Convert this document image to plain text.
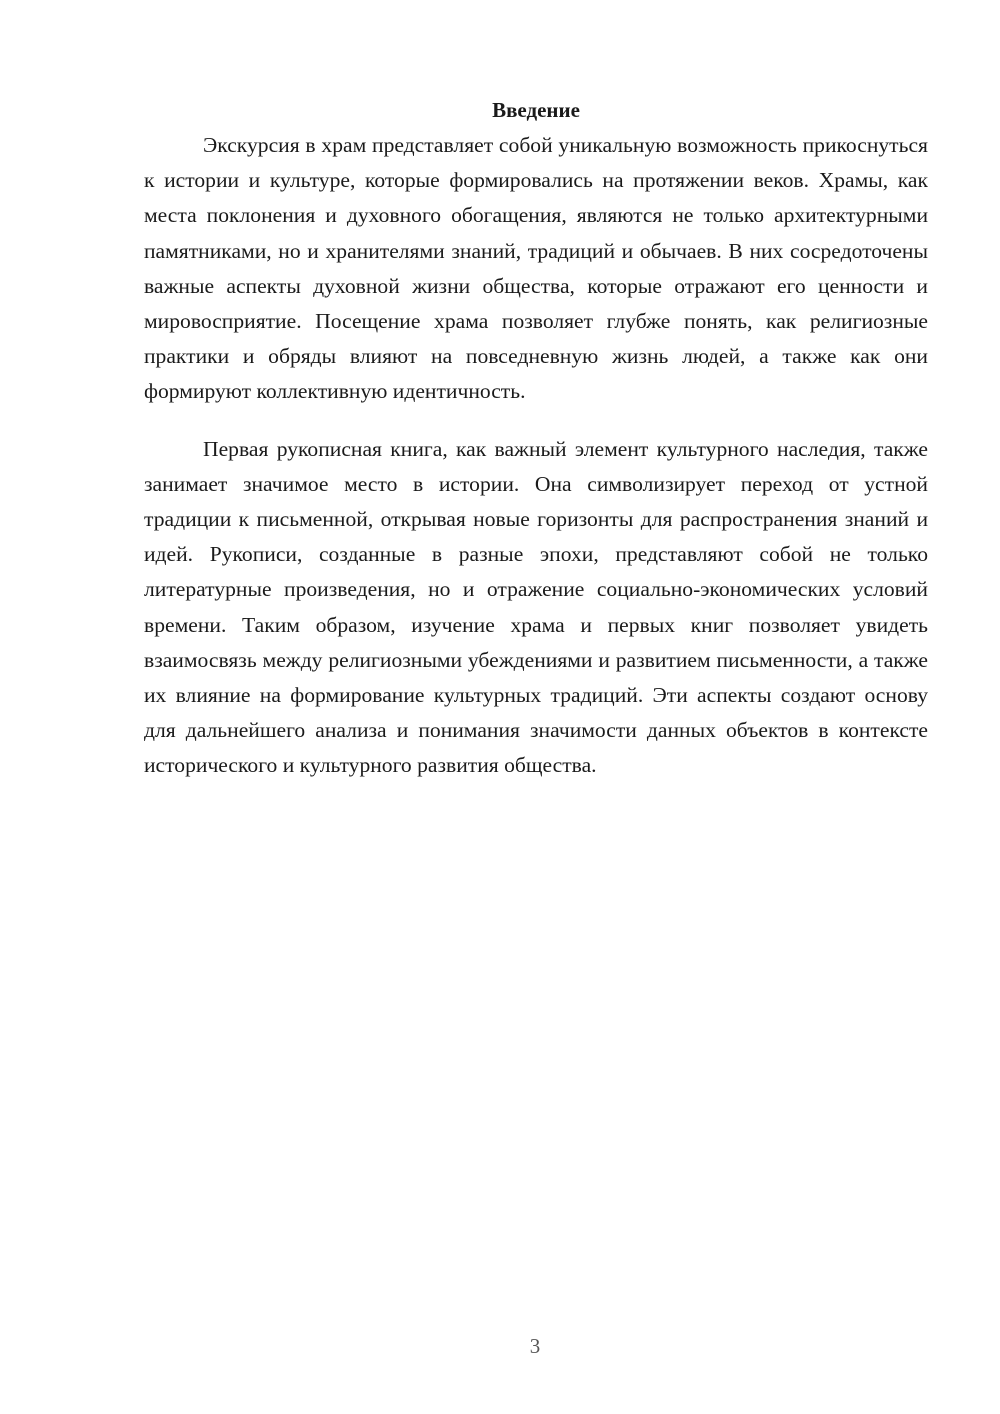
Введение

Экскурсия в храм представляет собой уникальную возможность прикоснуться к истории и культуре, которые формировались на протяжении веков. Храмы, как места поклонения и духовного обогащения, являются не только архитектурными памятниками, но и хранителями знаний, традиций и обычаев. В них сосредоточены важные аспекты духовной жизни общества, которые отражают его ценности и мировосприятие. Посещение храма позволяет глубже понять, как религиозные практики и обряды влияют на повседневную жизнь людей, а также как они формируют коллективную идентичность.

Первая рукописная книга, как важный элемент культурного наследия, также занимает значимое место в истории. Она символизирует переход от устной традиции к письменной, открывая новые горизонты для распространения знаний и идей. Рукописи, созданные в разные эпохи, представляют собой не только литературные произведения, но и отражение социально-экономических условий времени. Таким образом, изучение храма и первых книг позволяет увидеть взаимосвязь между религиозными убеждениями и развитием письменности, а также их влияние на формирование культурных традиций. Эти аспекты создают основу для дальнейшего анализа и понимания значимости данных объектов в контексте исторического и культурного развития общества.

3
